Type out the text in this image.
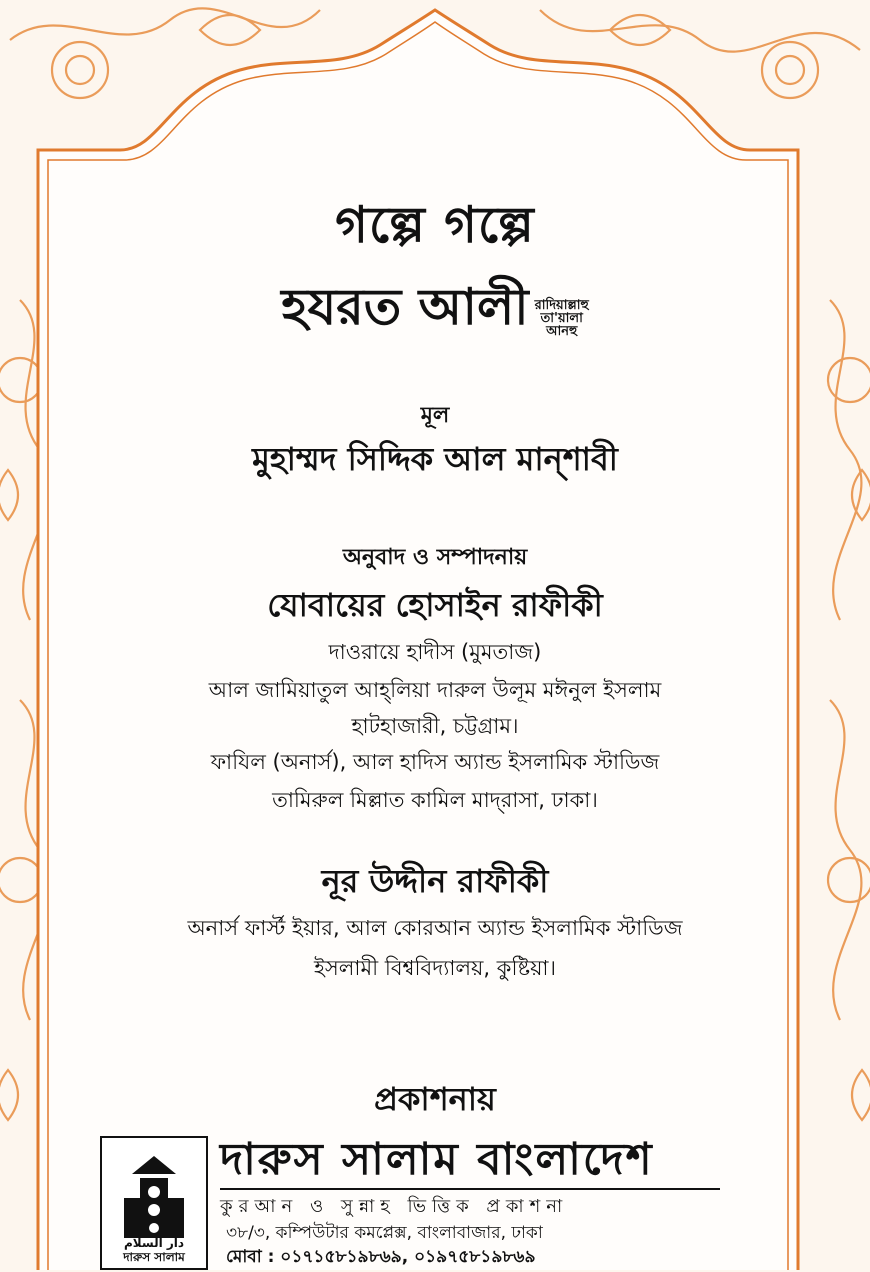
গল্পে গল্পে
হযরত আলী রাদিয়াল্লাহু
তা'য়ালা
আনহু
মূল
মুহাম্মদ সিদ্দিক আল মান্‌শাবী
অনুবাদ ও সম্পাদনায়
যোবায়ের হোসাইন রাফীকী
দাওরায়ে হাদীস (মুমতাজ)
আল জামিয়াতুল আহ্‌লিয়া দারুল উলূম মঈনুল ইসলাম
হাটহাজারী, চট্টগ্রাম।
ফাযিল (অনার্স), আল হাদিস অ্যান্ড ইসলামিক স্টাডিজ
তামিরুল মিল্লাত কামিল মাদ্‌রাসা, ঢাকা।
নূর উদ্দীন রাফীকী
অনার্স ফার্স্ট ইয়ার, আল কোরআন অ্যান্ড ইসলামিক স্টাডিজ
ইসলামী বিশ্ববিদ্যালয়, কুষ্টিয়া।
প্রকাশনায়
دار السلام
দারুস সালাম
দারুস সালাম বাংলাদেশ
কুরআন ও সুন্নাহ ভিত্তিক প্রকাশনা
৩৮/৩, কম্পিউটার কমপ্লেক্স, বাংলাবাজার, ঢাকা
মোবা : ০১৭১৫৮১৯৮৬৯, ০১৯৭৫৮১৯৮৬৯
